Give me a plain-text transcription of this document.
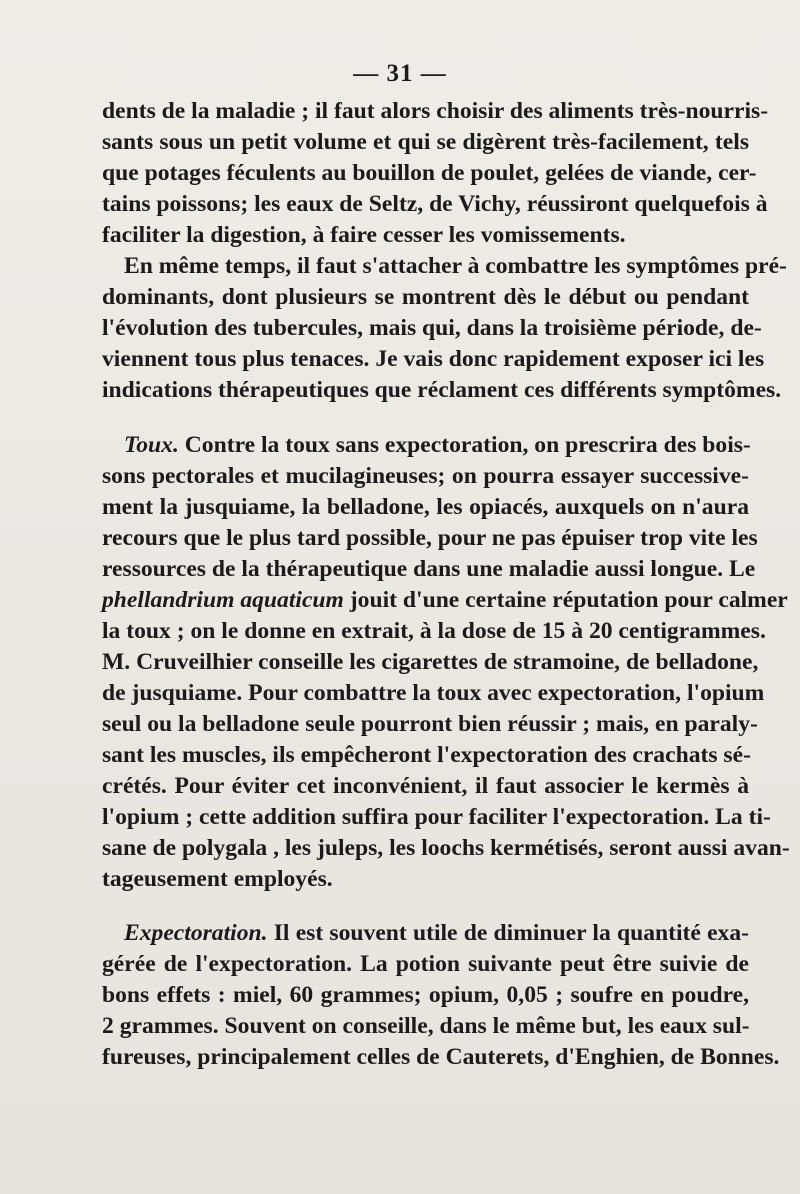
···
— 31 —
dents de la maladie ; il faut alors choisir des aliments très-nourris-
sants sous un petit volume et qui se digèrent très-facilement, tels
que potages féculents au bouillon de poulet, gelées de viande, cer-
tains poissons; les eaux de Seltz, de Vichy, réussiront quelquefois à
faciliter la digestion, à faire cesser les vomissements.
En même temps, il faut s'attacher à combattre les symptômes pré-
dominants, dont plusieurs se montrent dès le début ou pendant
l'évolution des tubercules, mais qui, dans la troisième période, de-
viennent tous plus tenaces. Je vais donc rapidement exposer ici les
indications thérapeutiques que réclament ces différents symptômes.
Toux. Contre la toux sans expectoration, on prescrira des bois-
sons pectorales et mucilagineuses; on pourra essayer successive-
ment la jusquiame, la belladone, les opiacés, auxquels on n'aura
recours que le plus tard possible, pour ne pas épuiser trop vite les
ressources de la thérapeutique dans une maladie aussi longue. Le
phellandrium aquaticum jouit d'une certaine réputation pour calmer
la toux ; on le donne en extrait, à la dose de 15 à 20 centigrammes.
M. Cruveilhier conseille les cigarettes de stramoine, de belladone,
de jusquiame. Pour combattre la toux avec expectoration, l'opium
seul ou la belladone seule pourront bien réussir ; mais, en paraly-
sant les muscles, ils empêcheront l'expectoration des crachats sé-
crétés. Pour éviter cet inconvénient, il faut associer le kermès à
l'opium ; cette addition suffira pour faciliter l'expectoration. La ti-
sane de polygala , les juleps, les loochs kermétisés, seront aussi avan-
tageusement employés.
Expectoration. Il est souvent utile de diminuer la quantité exa-
gérée de l'expectoration. La potion suivante peut être suivie de
bons effets : miel, 60 grammes; opium, 0,05 ; soufre en poudre,
2 grammes. Souvent on conseille, dans le même but, les eaux sul-
fureuses, principalement celles de Cauterets, d'Enghien, de Bonnes.
